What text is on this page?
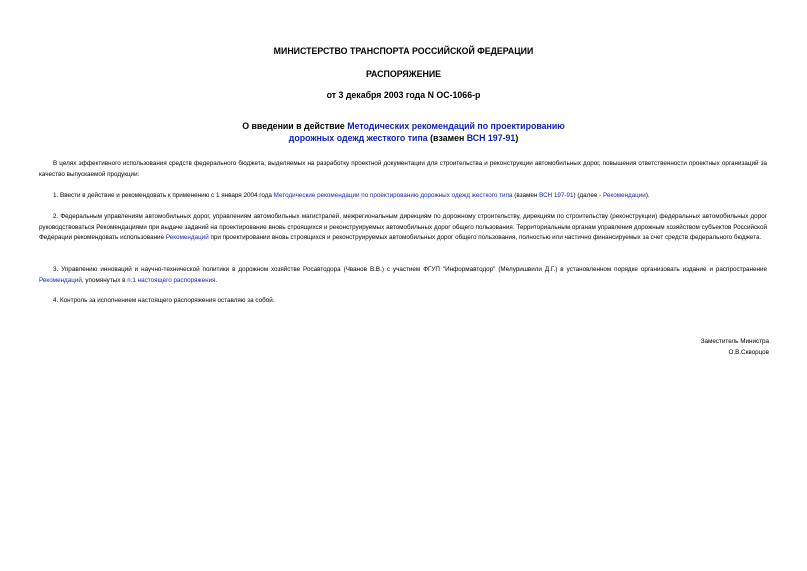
МИНИСТЕРСТВО ТРАНСПОРТА РОССИЙСКОЙ ФЕДЕРАЦИИ
РАСПОРЯЖЕНИЕ
от 3 декабря 2003 года N ОС-1066-р
О введении в действие Методических рекомендаций по проектированию
дорожных одежд жесткого типа (взамен ВСН 197-91)
В целях эффективного использования средств федерального бюджета, выделяемых на разработку проектной документации для строительства и реконструкции автомобильных дорог, повышения ответственности проектных организаций за качество выпускаемой продукции:
1. Ввести в действие и рекомендовать к применению с 1 января 2004 года Методические рекомендации по проектированию дорожных одежд жесткого типа (взамен ВСН 197-91) (далее - Рекомендации).
2. Федеральным управлениям автомобильных дорог, управлениям автомобильных магистралей, межрегиональным дирекциям по дорожному строительству, дирекциям по строительству (реконструкции) федеральных автомобильных дорог руководствоваться Рекомендациями при выдаче заданий на проектирование вновь строящихся и реконструируемых автомобильных дорог общего пользования. Территориальным органам управления дорожным хозяйством субъектов Российской Федерации рекомендовать использование Рекомендаций при проектировании вновь строящихся и реконструируемых автомобильных дорог общего пользования, полностью или частично финансируемых за счет средств федерального бюджета.
3. Управлению инноваций и научно-технической политики в дорожном хозяйстве Росавтодора (Чванов В.В.) с участием ФГУП "Информавтодор" (Мелуришвили Д.Г.) в установленном порядке организовать издание и распространение Рекомендаций, упомянутых в п.1 настоящего распоряжения.
4. Контроль за исполнением настоящего распоряжения оставляю за собой.
Заместитель Министра
О.В.Скворцов
